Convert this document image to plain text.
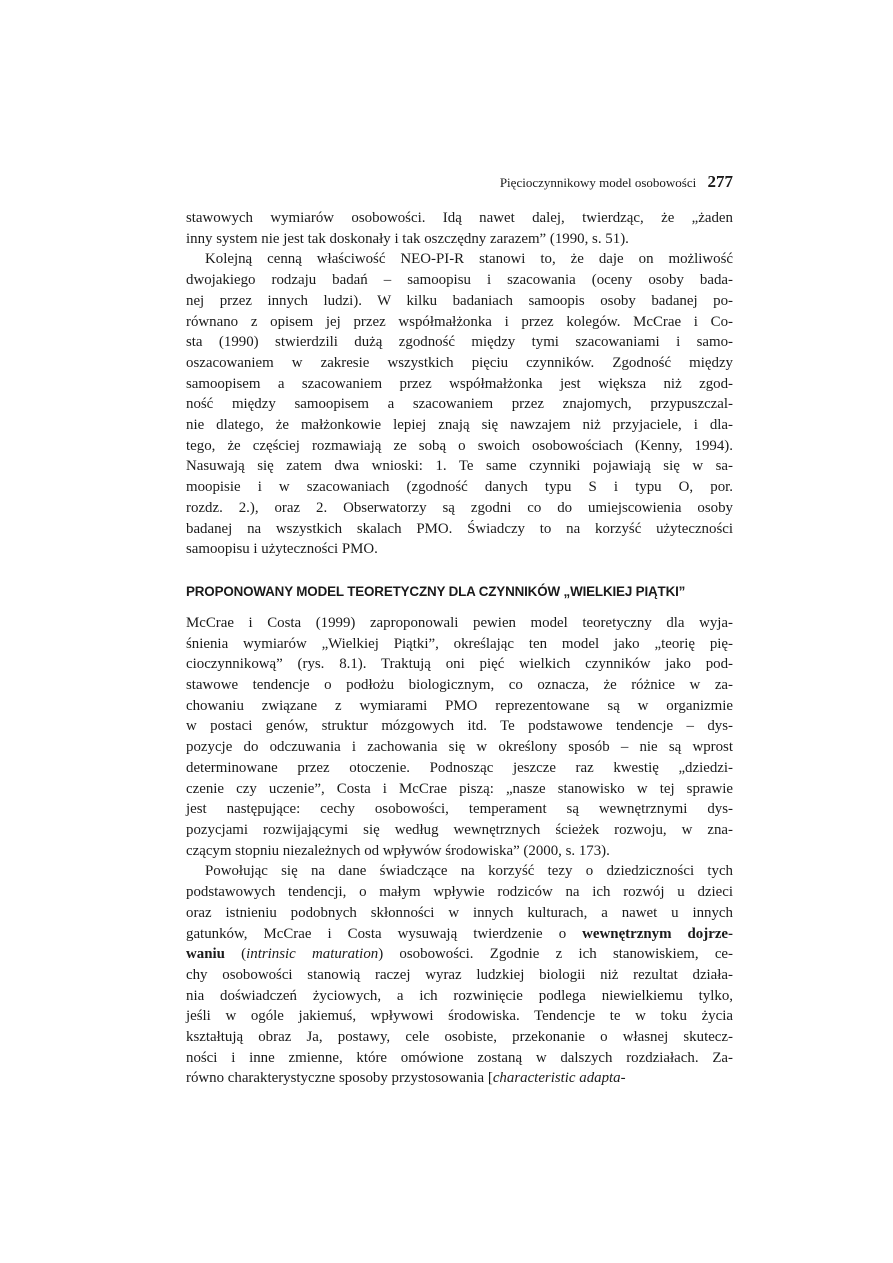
Pięcioczynnikowy model osobowości 277
stawowych wymiarów osobowości. Idą nawet dalej, twierdząc, że „żaden
inny system nie jest tak doskonały i tak oszczędny zarazem” (1990, s. 51).
Kolejną cenną właściwość NEO-PI-R stanowi to, że daje on możliwość
dwojakiego rodzaju badań – samoopisu i szacowania (oceny osoby bada-
nej przez innych ludzi). W kilku badaniach samoopis osoby badanej po-
równano z opisem jej przez współmałżonka i przez kolegów. McCrae i Co-
sta (1990) stwierdzili dużą zgodność między tymi szacowaniami i samo-
oszacowaniem w zakresie wszystkich pięciu czynników. Zgodność między
samoopisem a szacowaniem przez współmałżonka jest większa niż zgod-
ność między samoopisem a szacowaniem przez znajomych, przypuszczal-
nie dlatego, że małżonkowie lepiej znają się nawzajem niż przyjaciele, i dla-
tego, że częściej rozmawiają ze sobą o swoich osobowościach (Kenny, 1994).
Nasuwają się zatem dwa wnioski: 1. Te same czynniki pojawiają się w sa-
moopisie i w szacowaniach (zgodność danych typu S i typu O, por.
rozdz. 2.), oraz 2. Obserwatorzy są zgodni co do umiejscowienia osoby
badanej na wszystkich skalach PMO. Świadczy to na korzyść użyteczności
samoopisu i użyteczności PMO.
PROPONOWANY MODEL TEORETYCZNY DLA CZYNNIKÓW „WIELKIEJ PIĄTKI”
McCrae i Costa (1999) zaproponowali pewien model teoretyczny dla wyja-
śnienia wymiarów „Wielkiej Piątki”, określając ten model jako „teorię pię-
cioczynnikową” (rys. 8.1). Traktują oni pięć wielkich czynników jako pod-
stawowe tendencje o podłożu biologicznym, co oznacza, że różnice w za-
chowaniu związane z wymiarami PMO reprezentowane są w organizmie
w postaci genów, struktur mózgowych itd. Te podstawowe tendencje – dys-
pozycje do odczuwania i zachowania się w określony sposób – nie są wprost
determinowane przez otoczenie. Podnosząc jeszcze raz kwestię „dziedzi-
czenie czy uczenie”, Costa i McCrae piszą: „nasze stanowisko w tej sprawie
jest następujące: cechy osobowości, temperament są wewnętrznymi dys-
pozycjami rozwijającymi się według wewnętrznych ścieżek rozwoju, w zna-
czącym stopniu niezależnych od wpływów środowiska” (2000, s. 173).
Powołując się na dane świadczące na korzyść tezy o dziedziczności tych
podstawowych tendencji, o małym wpływie rodziców na ich rozwój u dzieci
oraz istnieniu podobnych skłonności w innych kulturach, a nawet u innych
gatunków, McCrae i Costa wysuwają twierdzenie o wewnętrznym dojrze-
waniu (intrinsic maturation) osobowości. Zgodnie z ich stanowiskiem, ce-
chy osobowości stanowią raczej wyraz ludzkiej biologii niż rezultat działa-
nia doświadczeń życiowych, a ich rozwinięcie podlega niewielkiemu tylko,
jeśli w ogóle jakiemuś, wpływowi środowiska. Tendencje te w toku życia
kształtują obraz Ja, postawy, cele osobiste, przekonanie o własnej skutecz-
ności i inne zmienne, które omówione zostaną w dalszych rozdziałach. Za-
równo charakterystyczne sposoby przystosowania [characteristic adapta-
